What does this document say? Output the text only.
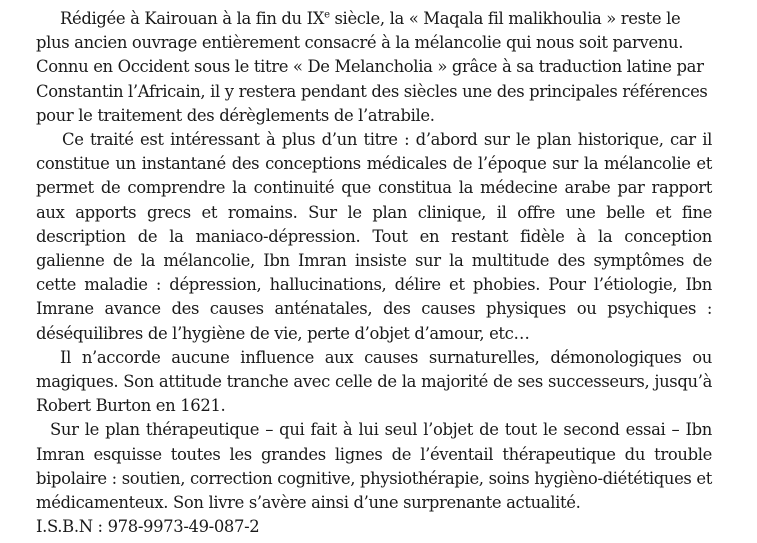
Rédigée à Kairouan à la fin du IXe siècle, la « Maqala fil malikhoulia » reste le plus ancien ouvrage entièrement consacré à la mélancolie qui nous soit parvenu. Connu en Occident sous le titre « De Melancholia » grâce à sa traduction latine par Constantin l’Africain, il y restera pendant des siècles une des principales références pour le traitement des dérèglements de l’atrabile.

Ce traité est intéressant à plus d’un titre : d’abord sur le plan historique, car il constitue un instantané des conceptions médicales de l’époque sur la mélancolie et permet de comprendre la continuité que constitua la médecine arabe par rapport aux apports grecs et romains. Sur le plan clinique, il offre une belle et fine description de la maniaco-dépression. Tout en restant fidèle à la conception galienne de la mélancolie, Ibn Imran insiste sur la multitude des symptômes de cette maladie : dépression, hallucinations, délire et phobies. Pour l’étiologie, Ibn Imrane avance des causes anténatales, des causes physiques ou psychiques : déséquilibres de l’hygiène de vie, perte d’objet d’amour, etc…

Il n’accorde aucune influence aux causes surnaturelles, démonologiques ou magiques. Son attitude tranche avec celle de la majorité de ses successeurs, jusqu’à Robert Burton en 1621.

Sur le plan thérapeutique – qui fait à lui seul l’objet de tout le second essai – Ibn Imran esquisse toutes les grandes lignes de l’éventail thérapeutique du trouble bipolaire : soutien, correction cognitive, physiothérapie, soins hygièno-diététiques et médicamenteux. Son livre s’avère ainsi d’une surprenante actualité.

I.S.B.N : 978-9973-49-087-2
